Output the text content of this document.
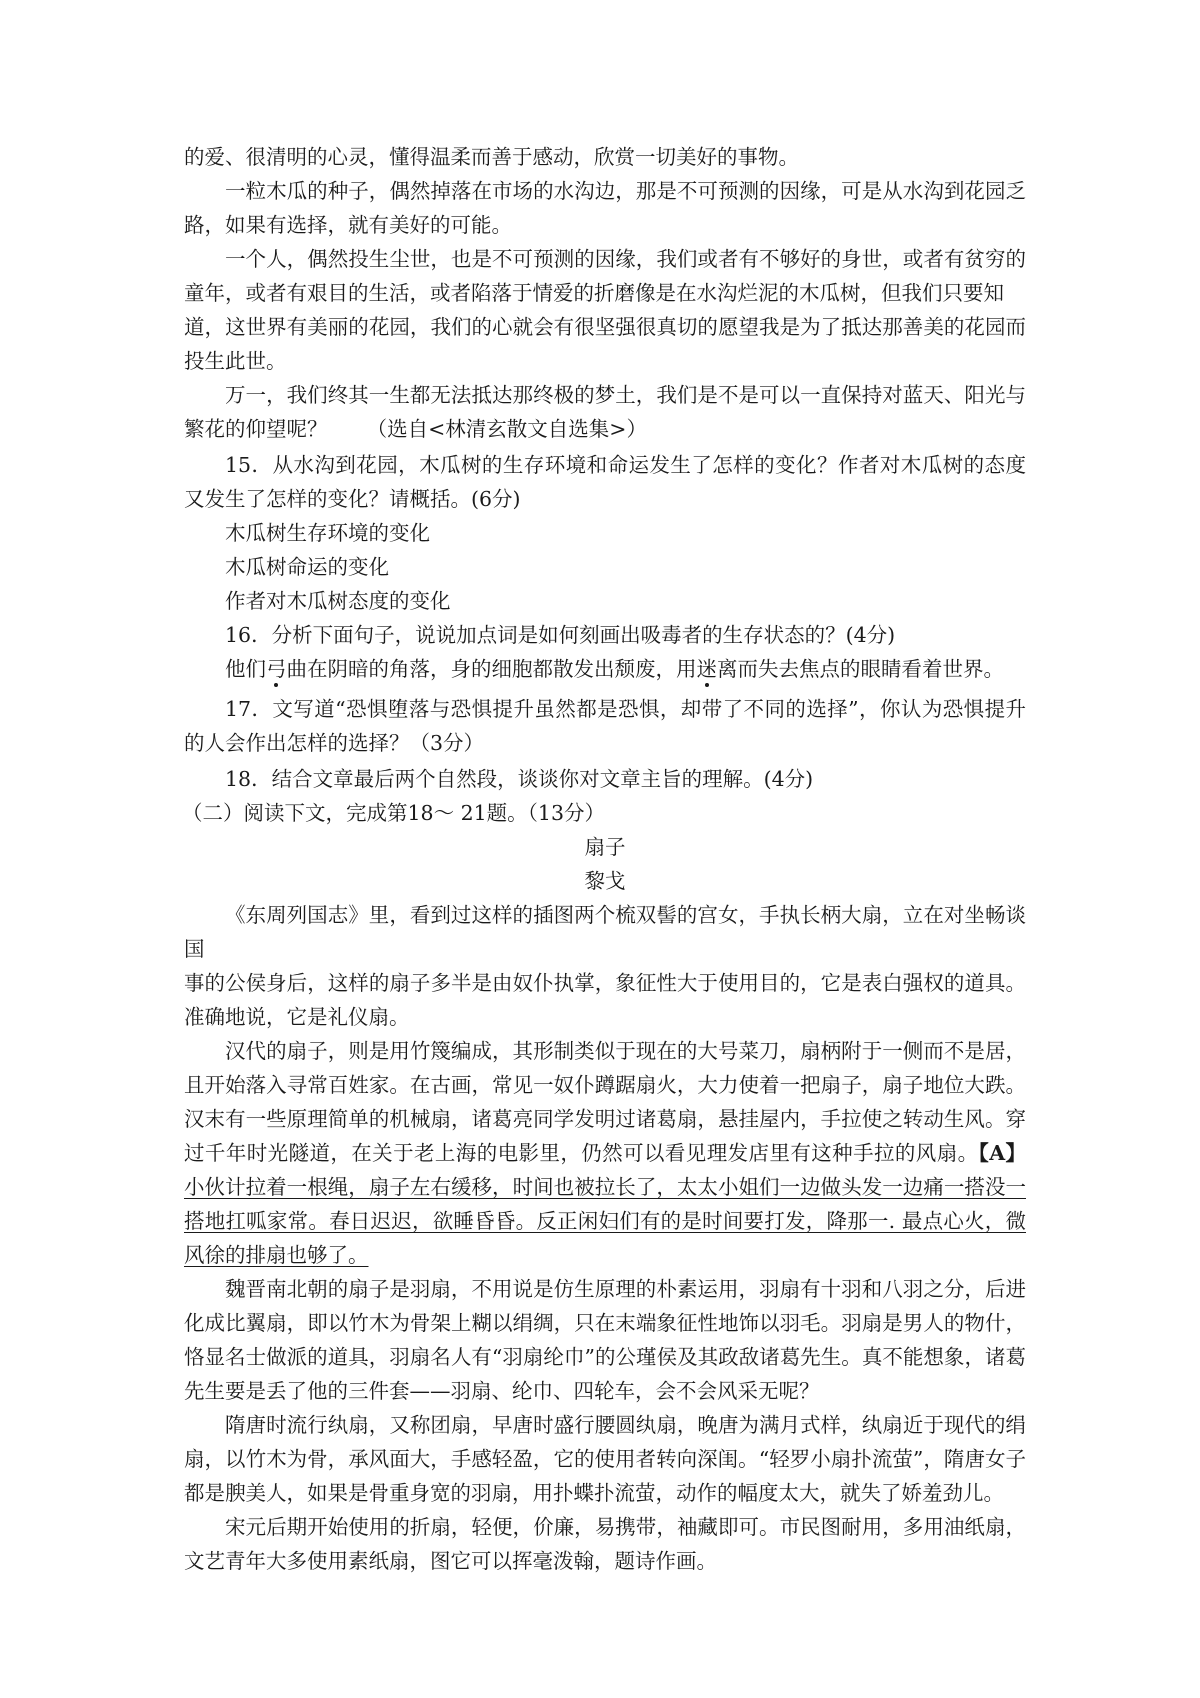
的爱、很清明的心灵，懂得温柔而善于感动，欣赏一切美好的事物。

一粒木瓜的种子，偶然掉落在市场的水沟边，那是不可预测的因缘，可是从水沟到花园乏路，如果有选择，就有美好的可能。

一个人，偶然投生尘世，也是不可预测的因缘，我们或者有不够好的身世，或者有贫穷的童年，或者有艰目的生活，或者陷落于情爱的折磨像是在水沟烂泥的木瓜树，但我们只要知

道，这世界有美丽的花园，我们的心就会有很坚强很真切的愿望我是为了抵达那善美的花园而投生此世。

万一，我们终其一生都无法抵达那终极的梦土，我们是不是可以一直保持对蓝天、阳光与繁花的仰望呢？ （选自<林清玄散文自选集>）

15．从水沟到花园，木瓜树的生存环境和命运发生了怎样的变化？作者对木瓜树的态度又发生了怎样的变化？请概括。(6分)

木瓜树生存环境的变化

木瓜树命运的变化

作者对木瓜树态度的变化

16．分析下面句子，说说加点词是如何刻画出吸毒者的生存状态的？(4分)

他们弓曲在阴暗的角落，身的细胞都散发出颓废，用迷离而失去焦点的眼睛看着世界。

17．文写道“恐惧堕落与恐惧提升虽然都是恐惧，却带了不同的选择”，你认为恐惧提升的人会作出怎样的选择？（3分）

18．结合文章最后两个自然段，谈谈你对文章主旨的理解。(4分)

（二）阅读下文，完成第18～ 21题。（13分）

扇子

黎戈

《东周列国志》里，看到过这样的插图两个梳双髻的宫女，手执长柄大扇，立在对坐畅谈国

事的公侯身后，这样的扇子多半是由奴仆执掌，象征性大于使用目的，它是表白强权的道具。准确地说，它是礼仪扇。

汉代的扇子，则是用竹篾编成，其形制类似于现在的大号菜刀，扇柄附于一侧而不是居，且开始落入寻常百姓家。在古画，常见一奴仆蹲踞扇火，大力使着一把扇子，扇子地位大跌。汉末有一些原理简单的机械扇，诸葛亮同学发明过诸葛扇，悬挂屋内，手拉使之转动生风。穿过千年时光隧道，在关于老上海的电影里，仍然可以看见理发店里有这种手拉的风扇。【A】小伙计拉着一根绳，扇子左右缓移，时间也被拉长了，太太小姐们一边做头发一边痛一搭没一搭地扛呱家常。春日迟迟，欲睡昏昏。反正闲妇们有的是时间要打发，降那一. 最点心火，微风徐的排扇也够了。

魏晋南北朝的扇子是羽扇，不用说是仿生原理的朴素运用，羽扇有十羽和八羽之分，后进化成比翼扇，即以竹木为骨架上糊以绢绸，只在末端象征性地饰以羽毛。羽扇是男人的物什，恪显名士做派的道具，羽扇名人有“羽扇纶巾”的公瑾侯及其政敌诸葛先生。真不能想象，诸葛先生要是丢了他的三件套——羽扇、纶巾、四轮车，会不会风采无呢？

隋唐时流行纨扇，又称团扇，早唐时盛行腰圆纨扇，晚唐为满月式样，纨扇近于现代的绢扇，以竹木为骨，承风面大，手感轻盈，它的使用者转向深闺。“轻罗小扇扑流萤”，隋唐女子都是腴美人，如果是骨重身宽的羽扇，用扑蝶扑流萤，动作的幅度太大，就失了娇羞劲儿。

宋元后期开始使用的折扇，轻便，价廉，易携带，袖藏即可。市民图耐用，多用油纸扇，文艺青年大多使用素纸扇，图它可以挥毫泼翰，题诗作画。
